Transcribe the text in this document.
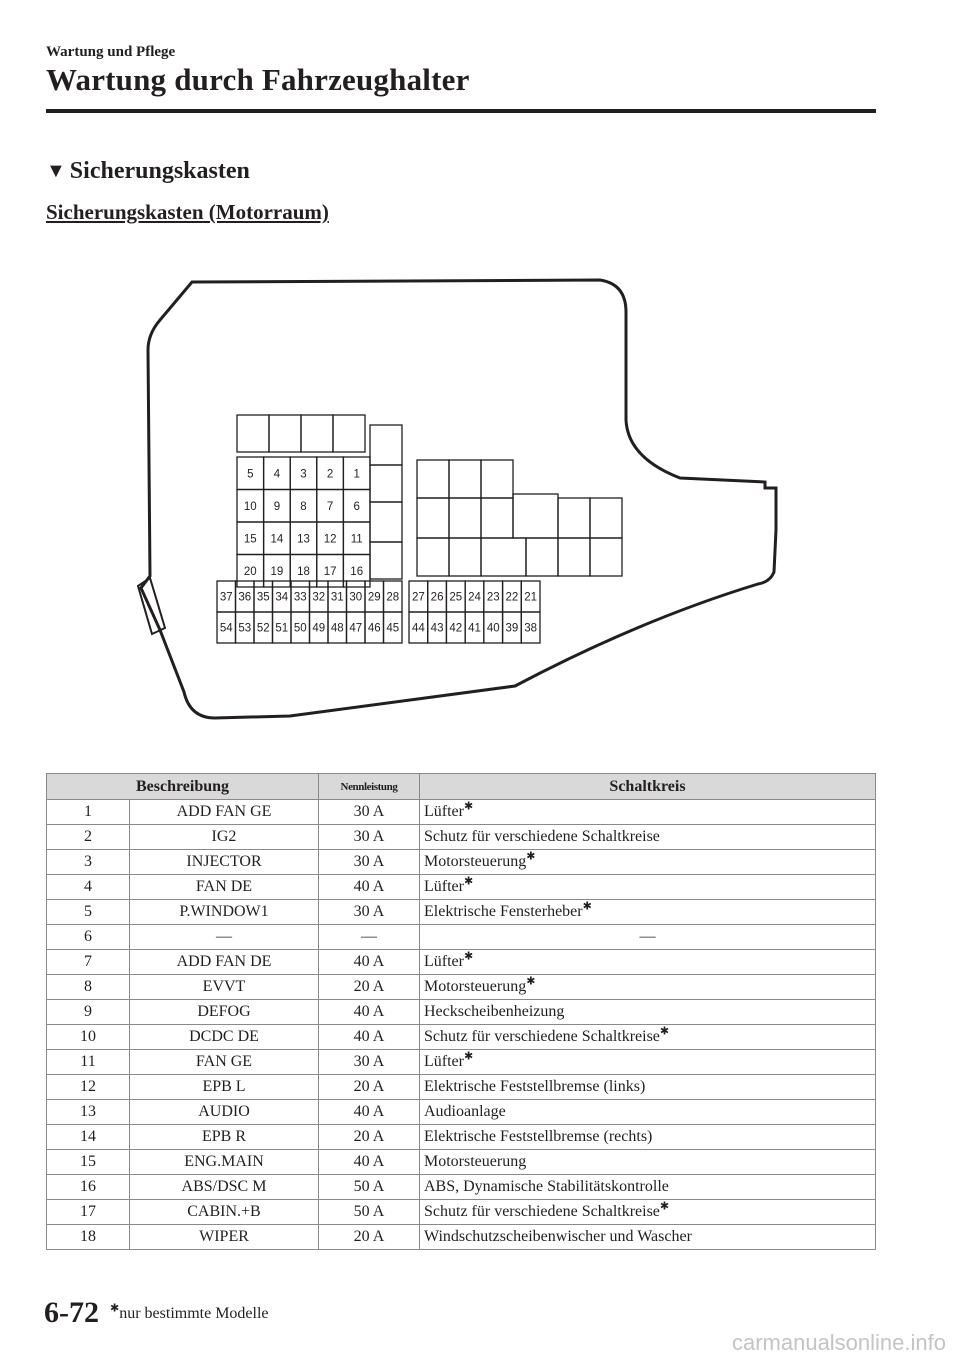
Wartung und Pflege
Wartung durch Fahrzeughalter
▼ Sicherungskasten
Sicherungskasten (Motorraum)
5 4 3 2 1
10 9 8 7 6
15 14 13 12 11
20 19 18 17 16
37 36 35 34 33 32 31 30 29 28
54 53 52 51 50 49 48 47 46 45
27 26 25 24 23 22 21
44 43 42 41 40 39 38
Beschreibung		Nennleistung	Schaltkreis
1	ADD FAN GE	30 A	Lüfter✱
2	IG2	30 A	Schutz für verschiedene Schaltkreise
3	INJECTOR	30 A	Motorsteuerung✱
4	FAN DE	40 A	Lüfter✱
5	P.WINDOW1	30 A	Elektrische Fensterheber✱
6	—	—	—
7	ADD FAN DE	40 A	Lüfter✱
8	EVVT	20 A	Motorsteuerung✱
9	DEFOG	40 A	Heckscheibenheizung
10	DCDC DE	40 A	Schutz für verschiedene Schaltkreise✱
11	FAN GE	30 A	Lüfter✱
12	EPB L	20 A	Elektrische Feststellbremse (links)
13	AUDIO	40 A	Audioanlage
14	EPB R	20 A	Elektrische Feststellbremse (rechts)
15	ENG.MAIN	40 A	Motorsteuerung
16	ABS/DSC M	50 A	ABS, Dynamische Stabilitätskontrolle
17	CABIN.+B	50 A	Schutz für verschiedene Schaltkreise✱
18	WIPER	20 A	Windschutzscheibenwischer und Wascher
6-72 ✱nur bestimmte Modelle
carmanualsonline.info
